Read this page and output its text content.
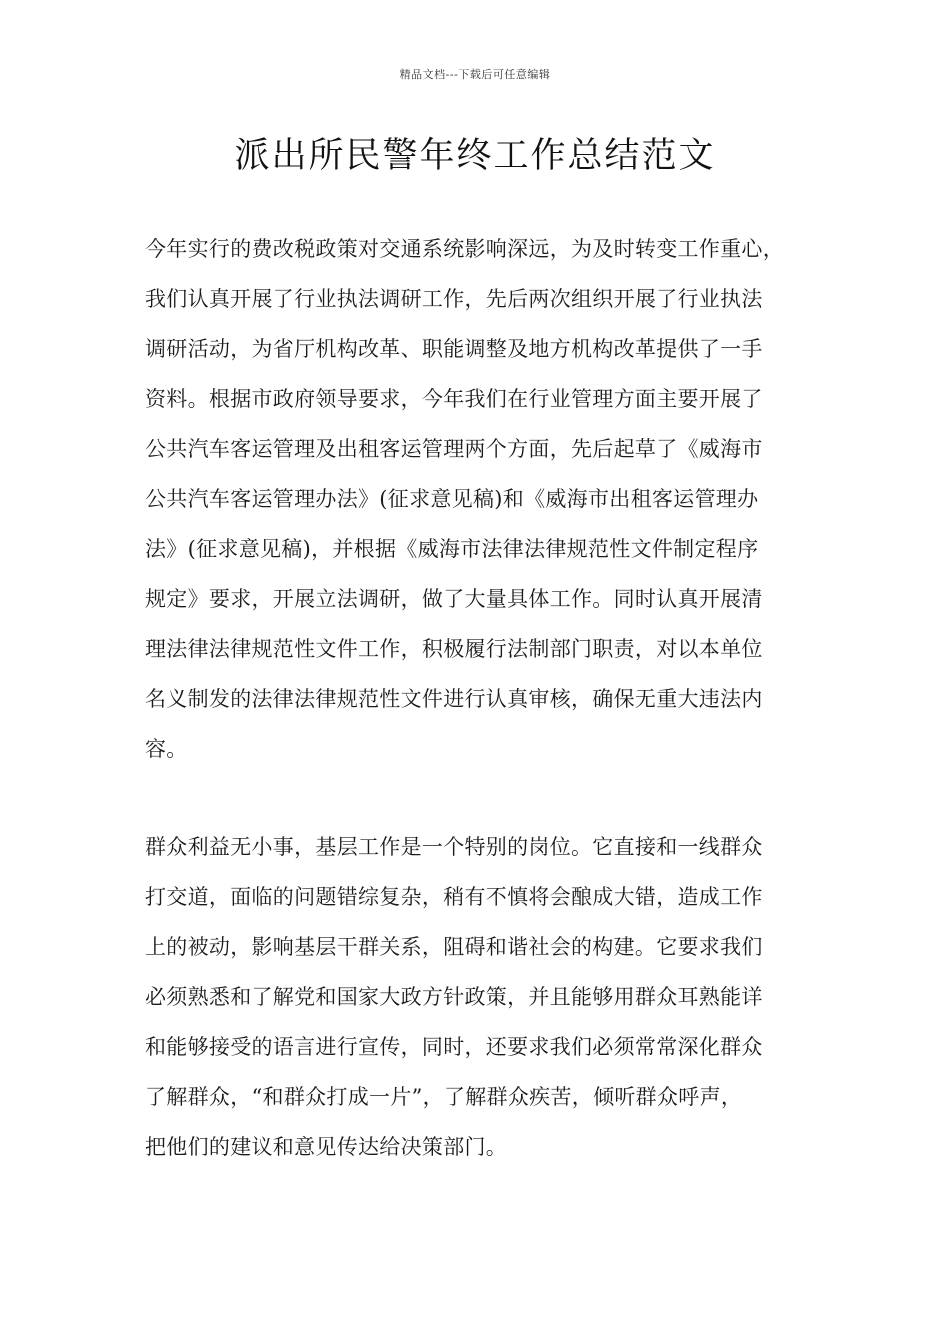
精品文档---下载后可任意编辑
派出所民警年终工作总结范文
今年实行的费改税政策对交通系统影响深远，为及时转变工作重心，
我们认真开展了行业执法调研工作，先后两次组织开展了行业执法
调研活动，为省厅机构改革、职能调整及地方机构改革提供了一手
资料。根据市政府领导要求，今年我们在行业管理方面主要开展了
公共汽车客运管理及出租客运管理两个方面，先后起草了《威海市
公共汽车客运管理办法》(征求意见稿)和《威海市出租客运管理办
法》(征求意见稿)，并根据《威海市法律法律规范性文件制定程序
规定》要求，开展立法调研，做了大量具体工作。同时认真开展清
理法律法律规范性文件工作，积极履行法制部门职责，对以本单位
名义制发的法律法律规范性文件进行认真审核，确保无重大违法内
容。
群众利益无小事，基层工作是一个特别的岗位。它直接和一线群众
打交道，面临的问题错综复杂，稍有不慎将会酿成大错，造成工作
上的被动，影响基层干群关系，阻碍和谐社会的构建。它要求我们
必须熟悉和了解党和国家大政方针政策，并且能够用群众耳熟能详
和能够接受的语言进行宣传，同时，还要求我们必须常常深化群众
了解群众，“和群众打成一片”，了解群众疾苦，倾听群众呼声，
把他们的建议和意见传达给决策部门。
